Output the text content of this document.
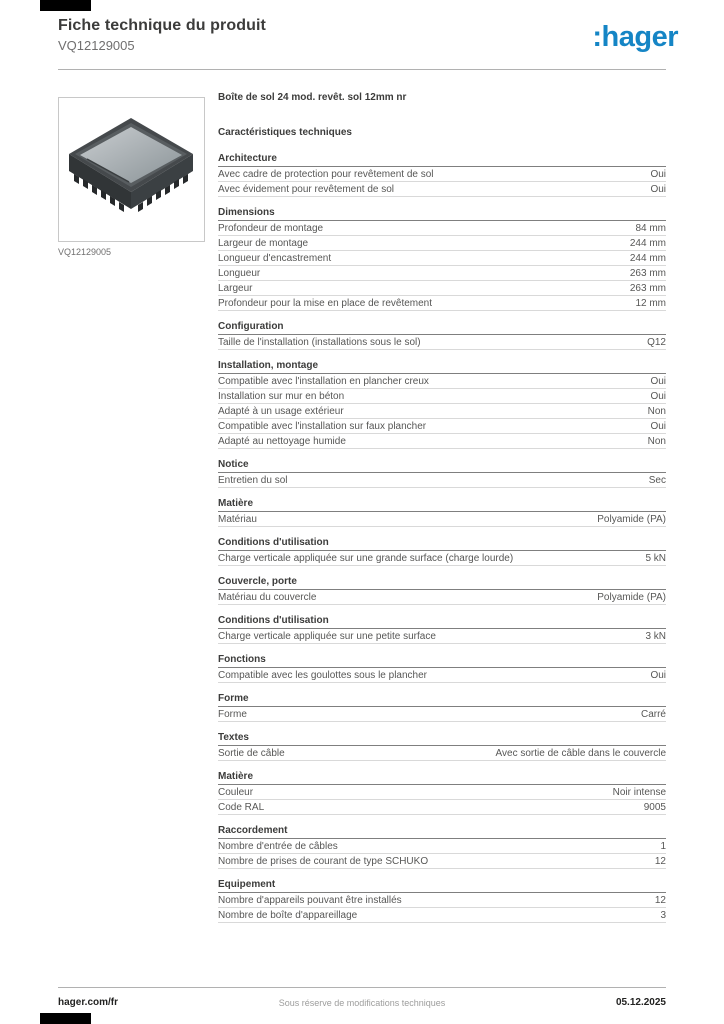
Fiche technique du produit
VQ12129005	:hager
VQ12129005
Boîte de sol 24 mod. revêt. sol 12mm nr
Caractéristiques techniques
Architecture
Avec cadre de protection pour revêtement de sol	Oui
Avec évidement pour revêtement de sol	Oui
Dimensions
Profondeur de montage	84 mm
Largeur de montage	244 mm
Longueur d'encastrement	244 mm
Longueur	263 mm
Largeur	263 mm
Profondeur pour la mise en place de revêtement	12 mm
Configuration
Taille de l'installation (installations sous le sol)	Q12
Installation, montage
Compatible avec l'installation en plancher creux	Oui
Installation sur mur en béton	Oui
Adapté à un usage extérieur	Non
Compatible avec l'installation sur faux plancher	Oui
Adapté au nettoyage humide	Non
Notice
Entretien du sol	Sec
Matière
Matériau	Polyamide (PA)
Conditions d'utilisation
Charge verticale appliquée sur une grande surface (charge lourde)	5 kN
Couvercle, porte
Matériau du couvercle	Polyamide (PA)
Conditions d'utilisation
Charge verticale appliquée sur une petite surface	3 kN
Fonctions
Compatible avec les goulottes sous le plancher	Oui
Forme
Forme	Carré
Textes
Sortie de câble	Avec sortie de câble dans le couvercle
Matière
Couleur	Noir intense
Code RAL	9005
Raccordement
Nombre d'entrée de câbles	1
Nombre de prises de courant de type SCHUKO	12
Equipement
Nombre d'appareils pouvant être installés	12
Nombre de boîte d'appareillage	3
hager.com/fr	Sous réserve de modifications techniques	05.12.2025
